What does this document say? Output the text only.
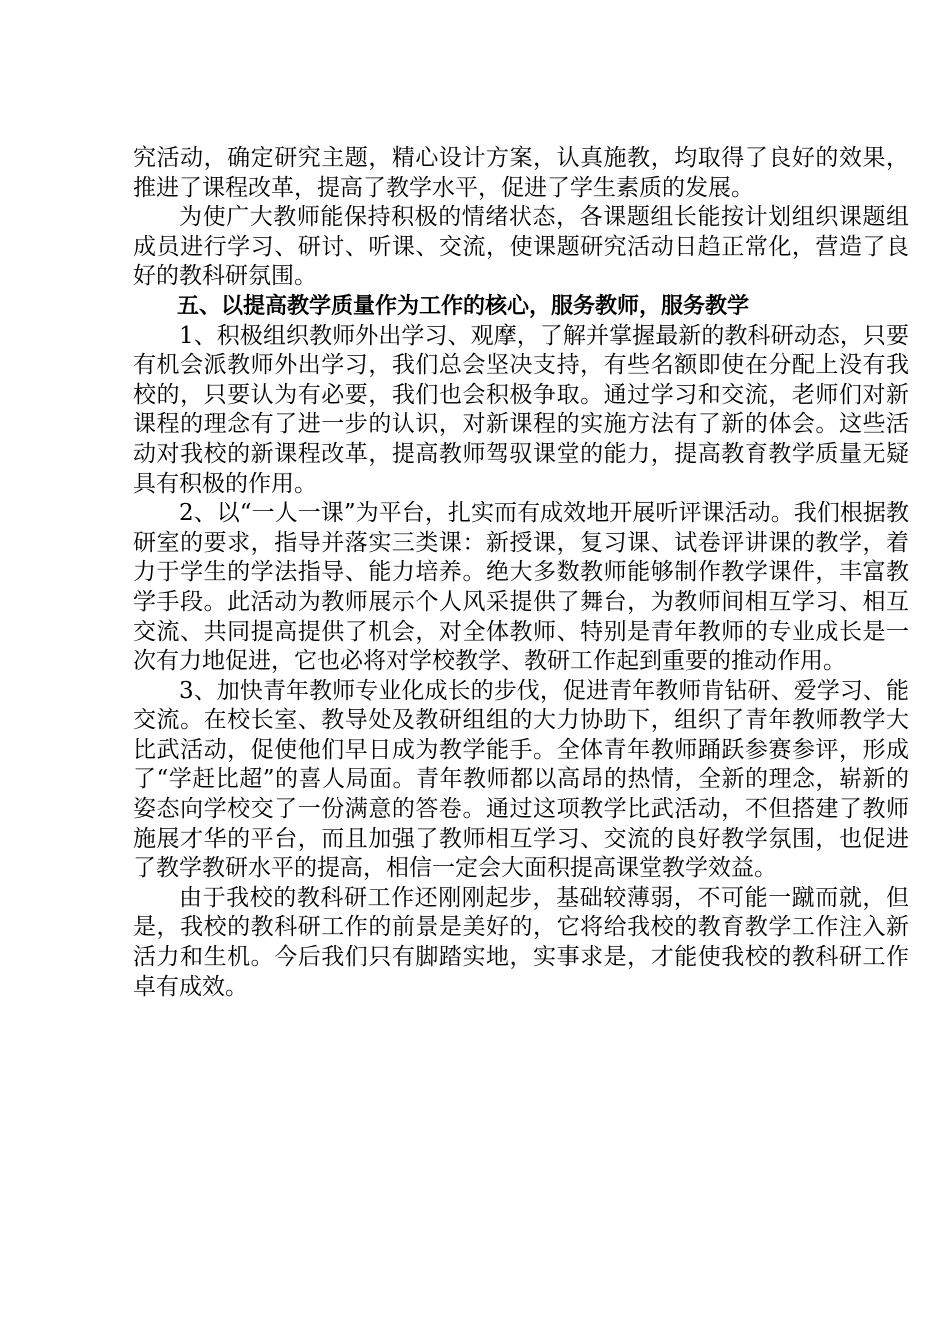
究活动，确定研究主题，精心设计方案，认真施教，均取得了良好的效果，推进了课程改革，提高了教学水平，促进了学生素质的发展。

为使广大教师能保持积极的情绪状态，各课题组长能按计划组织课题组成员进行学习、研讨、听课、交流，使课题研究活动日趋正常化，营造了良好的教科研氛围。

五、以提高教学质量作为工作的核心，服务教师，服务教学

1、积极组织教师外出学习、观摩，了解并掌握最新的教科研动态，只要有机会派教师外出学习，我们总会坚决支持，有些名额即使在分配上没有我校的，只要认为有必要，我们也会积极争取。通过学习和交流，老师们对新课程的理念有了进一步的认识，对新课程的实施方法有了新的体会。这些活动对我校的新课程改革，提高教师驾驭课堂的能力，提高教育教学质量无疑具有积极的作用。

2、以“一人一课”为平台，扎实而有成效地开展听评课活动。我们根据教研室的要求，指导并落实三类课：新授课，复习课、试卷评讲课的教学，着力于学生的学法指导、能力培养。绝大多数教师能够制作教学课件，丰富教学手段。此活动为教师展示个人风采提供了舞台，为教师间相互学习、相互交流、共同提高提供了机会，对全体教师、特别是青年教师的专业成长是一次有力地促进，它也必将对学校教学、教研工作起到重要的推动作用。

3、加快青年教师专业化成长的步伐，促进青年教师肯钻研、爱学习、能交流。在校长室、教导处及教研组组的大力协助下，组织了青年教师教学大比武活动，促使他们早日成为教学能手。全体青年教师踊跃参赛参评，形成了“学赶比超”的喜人局面。青年教师都以高昂的热情，全新的理念，崭新的姿态向学校交了一份满意的答卷。通过这项教学比武活动，不但搭建了教师施展才华的平台，而且加强了教师相互学习、交流的良好教学氛围，也促进了教学教研水平的提高，相信一定会大面积提高课堂教学效益。

由于我校的教科研工作还刚刚起步，基础较薄弱，不可能一蹴而就，但是，我校的教科研工作的前景是美好的，它将给我校的教育教学工作注入新活力和生机。今后我们只有脚踏实地，实事求是，才能使我校的教科研工作卓有成效。
